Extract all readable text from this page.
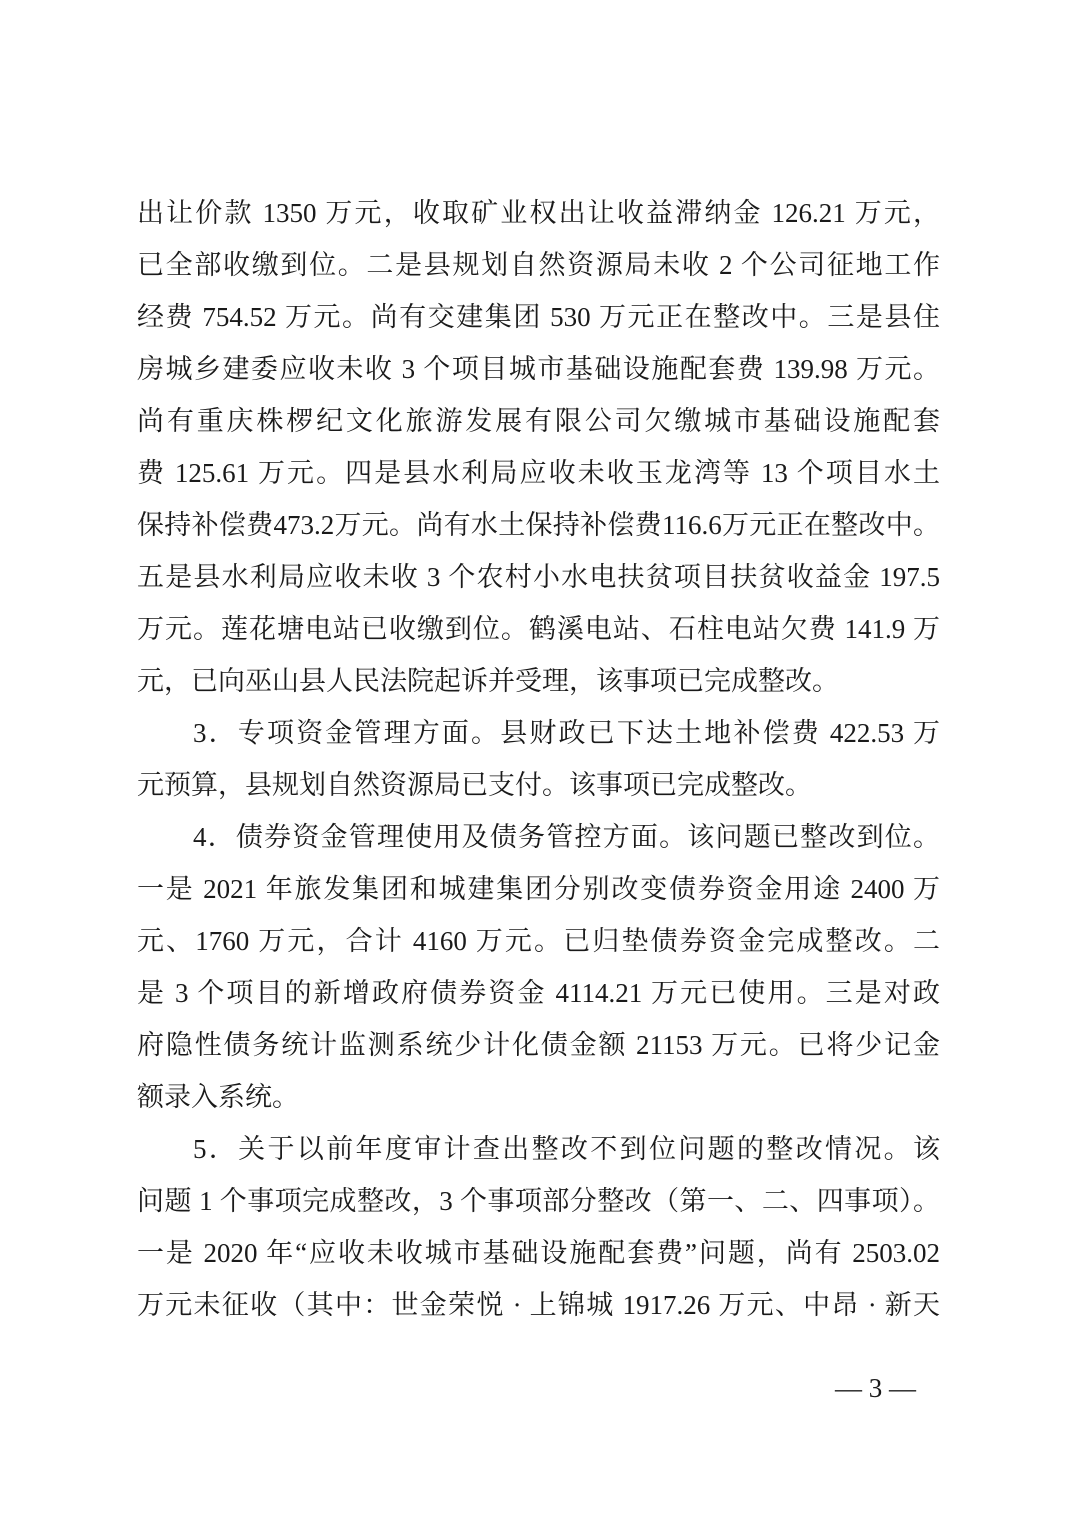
出让价款 1350 万元，收取矿业权出让收益滞纳金 126.21 万元，
已全部收缴到位。二是县规划自然资源局未收 2 个公司征地工作
经费 754.52 万元。尚有交建集团 530 万元正在整改中。三是县住
房城乡建委应收未收 3 个项目城市基础设施配套费 139.98 万元。
尚有重庆株椤纪文化旅游发展有限公司欠缴城市基础设施配套
费 125.61 万元。四是县水利局应收未收玉龙湾等 13 个项目水土
保持补偿费473.2万元。尚有水土保持补偿费116.6万元正在整改中。
五是县水利局应收未收 3 个农村小水电扶贫项目扶贫收益金 197.5
万元。莲花塘电站已收缴到位。鹤溪电站、石柱电站欠费 141.9 万
元，已向巫山县人民法院起诉并受理，该事项已完成整改。
3．专项资金管理方面。县财政已下达土地补偿费 422.53 万
元预算，县规划自然资源局已支付。该事项已完成整改。
4．债券资金管理使用及债务管控方面。该问题已整改到位。
一是 2021 年旅发集团和城建集团分别改变债券资金用途 2400 万
元、1760 万元，合计 4160 万元。已归垫债券资金完成整改。二
是 3 个项目的新增政府债券资金 4114.21 万元已使用。三是对政
府隐性债务统计监测系统少计化债金额 21153 万元。已将少记金
额录入系统。
5．关于以前年度审计查出整改不到位问题的整改情况。该
问题 1 个事项完成整改，3 个事项部分整改（第一、二、四事项）。
一是 2020 年“应收未收城市基础设施配套费”问题，尚有 2503.02
万元未征收（其中：世金荣悦 · 上锦城 1917.26 万元、中昂 · 新天
— 3 —
